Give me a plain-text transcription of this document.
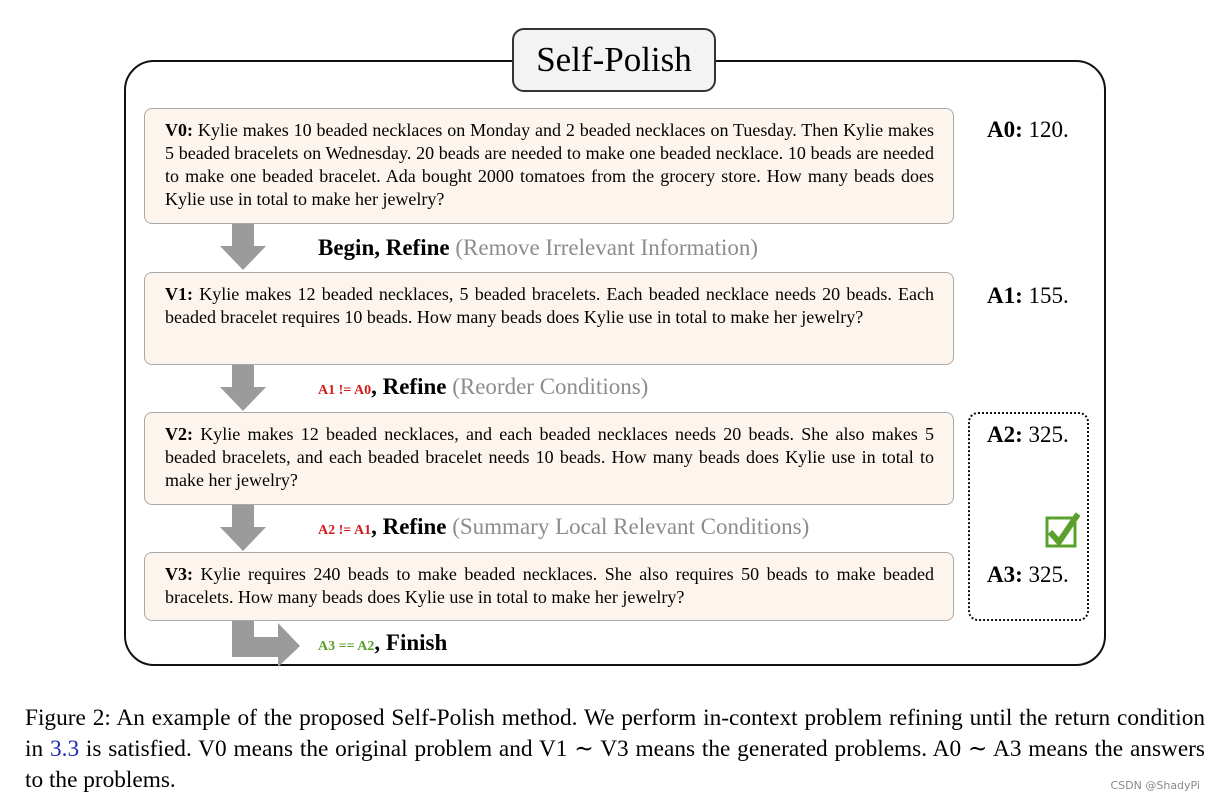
Self-Polish
V0: Kylie makes 10 beaded necklaces on Monday and 2 beaded necklaces on Tuesday. Then Kylie makes 5 beaded bracelets on Wednesday. 20 beads are needed to make one beaded necklace. 10 beads are needed to make one beaded bracelet. Ada bought 2000 tomatoes from the grocery store. How many beads does Kylie use in total to make her jewelry?
A0: 120.
Begin, Refine (Remove Irrelevant Information)
V1: Kylie makes 12 beaded necklaces, 5 beaded bracelets. Each beaded necklace needs 20 beads. Each beaded bracelet requires 10 beads. How many beads does Kylie use in total to make her jewelry?
A1: 155.
A1 != A0, Refine (Reorder Conditions)
V2: Kylie makes 12 beaded necklaces, and each beaded necklaces needs 20 beads. She also makes 5 beaded bracelets, and each beaded bracelet needs 10 beads. How many beads does Kylie use in total to make her jewelry?
A2: 325.
A3: 325.
A2 != A1, Refine (Summary Local Relevant Conditions)
V3: Kylie requires 240 beads to make beaded necklaces. She also requires 50 beads to make beaded bracelets. How many beads does Kylie use in total to make her jewelry?
A3 == A2, Finish
Figure 2: An example of the proposed Self-Polish method. We perform in-context problem refining until the return condition in 3.3 is satisfied. V0 means the original problem and V1 ∼ V3 means the generated problems. A0 ∼ A3 means the answers to the problems.	CSDN @ShadyPi
